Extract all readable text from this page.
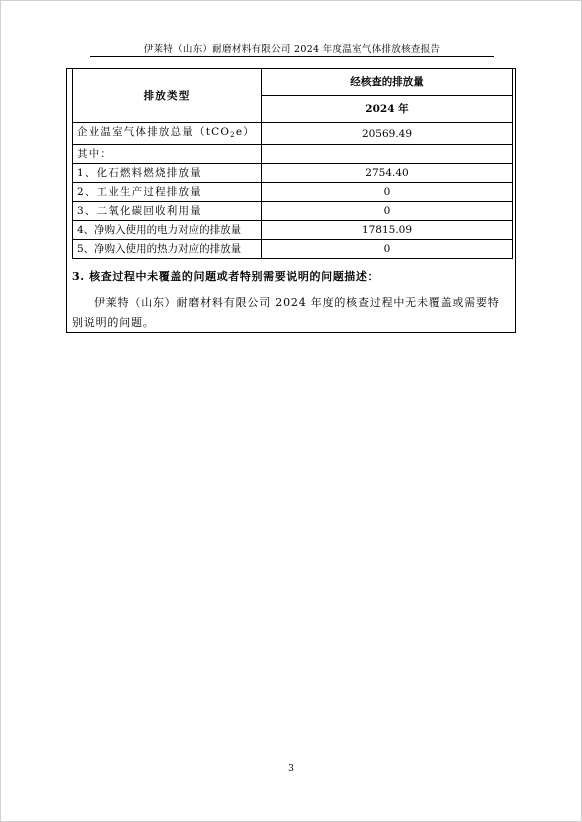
伊莱特（山东）耐磨材料有限公司 2024 年度温室气体排放核查报告
排放类型	经核查的排放量
	2024 年
企业温室气体排放总量（tCO$_2$e）	20569.49
其中：	
1、化石燃料燃烧排放量	2754.40
2、工业生产过程排放量	0
3、二氧化碳回收利用量	0
4、净购入使用的电力对应的排放量	17815.09
5、净购入使用的热力对应的排放量	0
3. 核查过程中未覆盖的问题或者特别需要说明的问题描述：
伊莱特（山东）耐磨材料有限公司 2024 年度的核查过程中无未覆盖或需要特别说明的问题。
3
